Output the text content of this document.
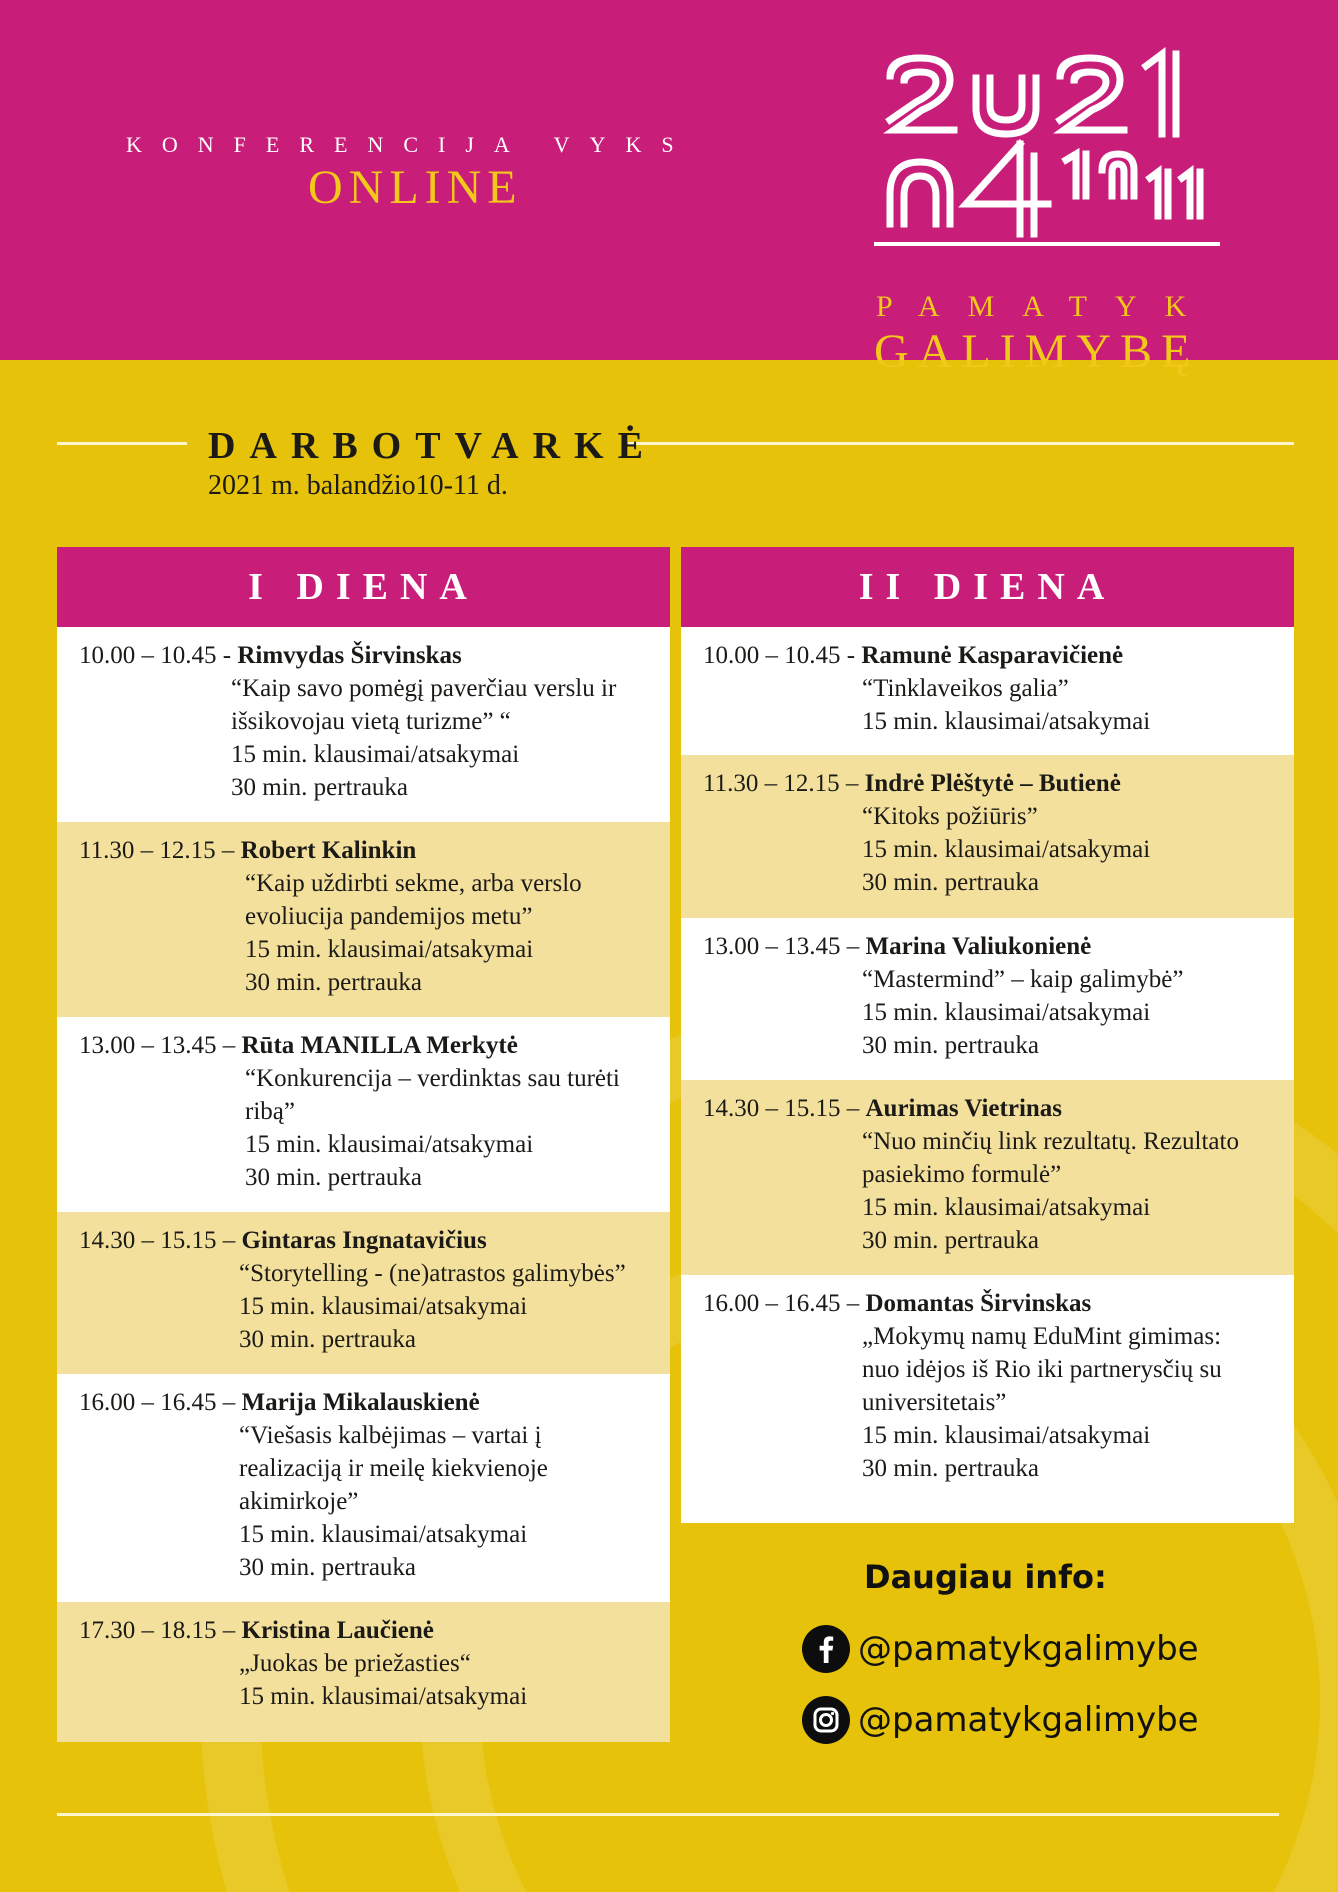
KONFERENCIJA VYKS
ONLINE
PAMATYK
GALIMYBĘ
DARBOTVARKĖ
2021 m. balandžio10-11 d.
I DIENA
10.00 – 10.45 - Rimvydas Širvinskas
“Kaip savo pomėgį paverčiau verslu ir
išsikovojau vietą turizme” “
15 min. klausimai/atsakymai
30 min. pertrauka
11.30 – 12.15 – Robert Kalinkin
“Kaip uždirbti sekme, arba verslo
evoliucija pandemijos metu”
15 min. klausimai/atsakymai
30 min. pertrauka
13.00 – 13.45 – Rūta MANILLA Merkytė
“Konkurencija – verdinktas sau turėti
ribą”
15 min. klausimai/atsakymai
30 min. pertrauka
14.30 – 15.15 – Gintaras Ingnatavičius
“Storytelling - (ne)atrastos galimybės”
15 min. klausimai/atsakymai
30 min. pertrauka
16.00 – 16.45 – Marija Mikalauskienė
“Viešasis kalbėjimas – vartai į
realizaciją ir meilę kiekvienoje
akimirkoje”
15 min. klausimai/atsakymai
30 min. pertrauka
17.30 – 18.15 – Kristina Laučienė
„Juokas be priežasties“
15 min. klausimai/atsakymai
II DIENA
10.00 – 10.45 - Ramunė Kasparavičienė
“Tinklaveikos galia”
15 min. klausimai/atsakymai
11.30 – 12.15 – Indrė Plėštytė – Butienė
“Kitoks požiūris”
15 min. klausimai/atsakymai
30 min. pertrauka
13.00 – 13.45 – Marina Valiukonienė
“Mastermind” – kaip galimybė”
15 min. klausimai/atsakymai
30 min. pertrauka
14.30 – 15.15 – Aurimas Vietrinas
“Nuo minčių link rezultatų. Rezultato
pasiekimo formulė”
15 min. klausimai/atsakymai
30 min. pertrauka
16.00 – 16.45 – Domantas Širvinskas
„Mokymų namų EduMint gimimas:
nuo idėjos iš Rio iki partnerysčių su
universitetais”
15 min. klausimai/atsakymai
30 min. pertrauka
Daugiau info:
@pamatykgalimybe
@pamatykgalimybe
